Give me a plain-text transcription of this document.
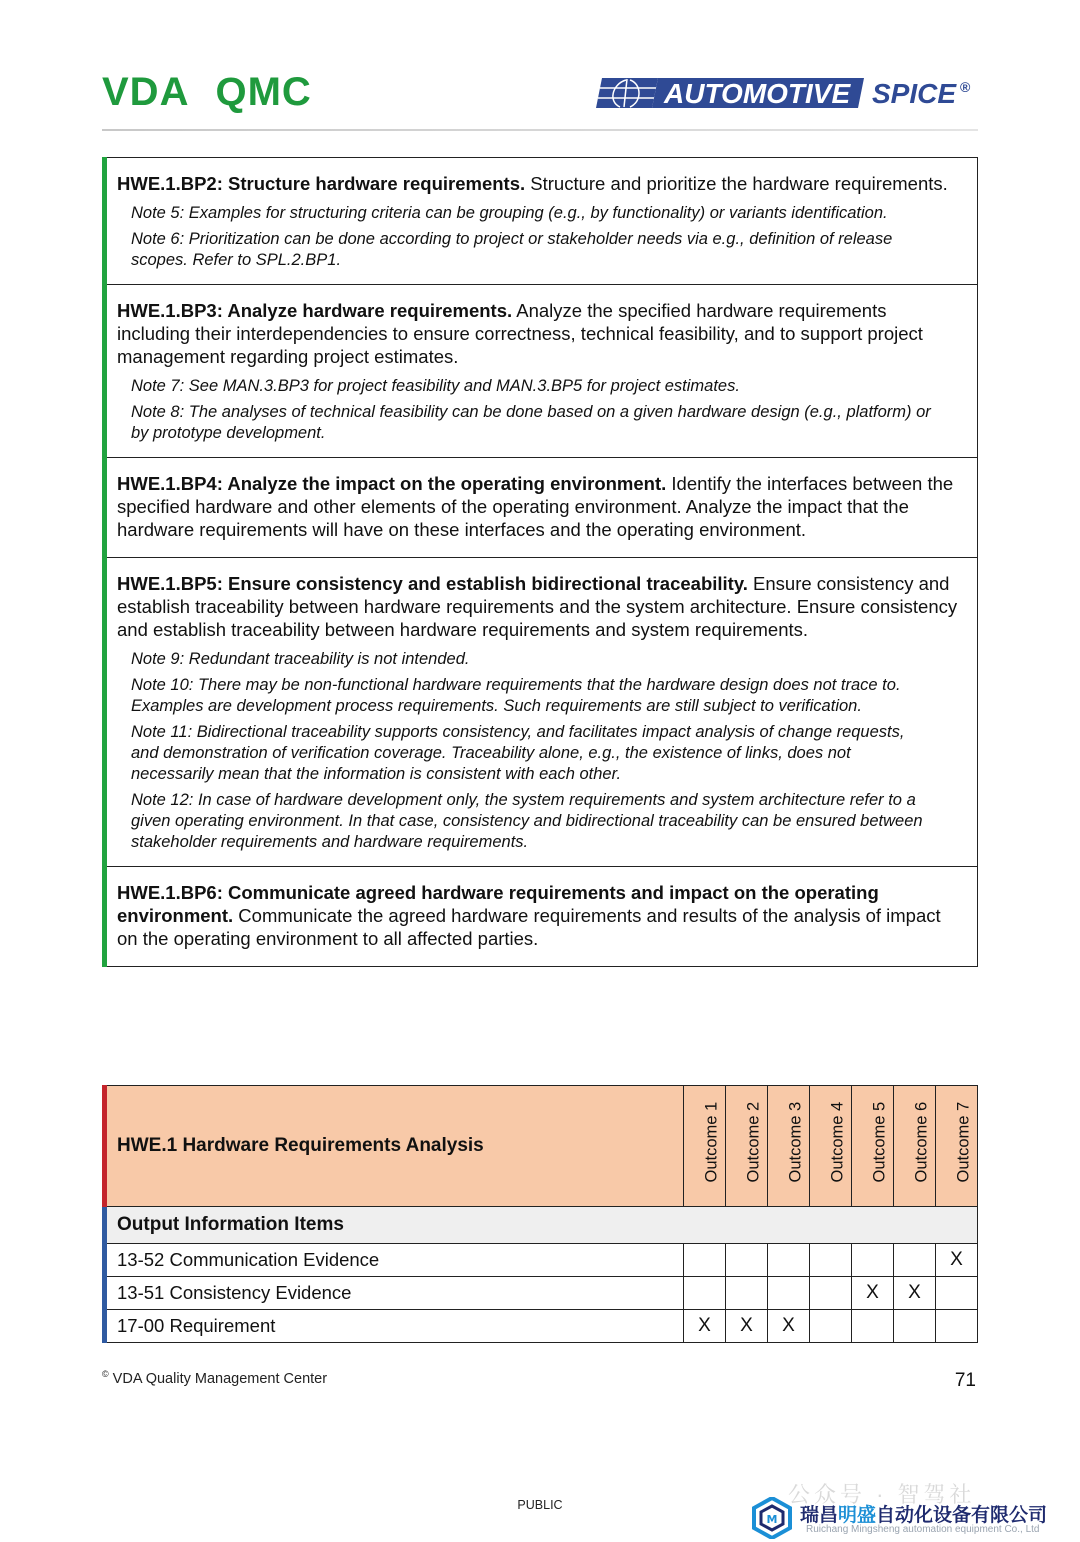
VDA QMC	AUTOMOTIVE SPICE ®

HWE.1.BP2: Structure hardware requirements. Structure and prioritize the hardware requirements.

Note 5: Examples for structuring criteria can be grouping (e.g., by functionality) or variants identification.

Note 6: Prioritization can be done according to project or stakeholder needs via e.g., definition of release scopes. Refer to SPL.2.BP1.

HWE.1.BP3: Analyze hardware requirements. Analyze the specified hardware requirements including their interdependencies to ensure correctness, technical feasibility, and to support project management regarding project estimates.

Note 7: See MAN.3.BP3 for project feasibility and MAN.3.BP5 for project estimates.

Note 8: The analyses of technical feasibility can be done based on a given hardware design (e.g., platform) or by prototype development.

HWE.1.BP4: Analyze the impact on the operating environment. Identify the interfaces between the specified hardware and other elements of the operating environment. Analyze the impact that the hardware requirements will have on these interfaces and the operating environment.

HWE.1.BP5: Ensure consistency and establish bidirectional traceability. Ensure consistency and establish traceability between hardware requirements and the system architecture. Ensure consistency and establish traceability between hardware requirements and system requirements.

Note 9: Redundant traceability is not intended.

Note 10: There may be non-functional hardware requirements that the hardware design does not trace to. Examples are development process requirements. Such requirements are still subject to verification.

Note 11: Bidirectional traceability supports consistency, and facilitates impact analysis of change requests, and demonstration of verification coverage. Traceability alone, e.g., the existence of links, does not necessarily mean that the information is consistent with each other.

Note 12: In case of hardware development only, the system requirements and system architecture refer to a given operating environment. In that case, consistency and bidirectional traceability can be ensured between stakeholder requirements and hardware requirements.

HWE.1.BP6: Communicate agreed hardware requirements and impact on the operating environment. Communicate the agreed hardware requirements and results of the analysis of impact on the operating environment to all affected parties.

HWE.1 Hardware Requirements Analysis	Outcome 1	Outcome 2	Outcome 3	Outcome 4	Outcome 5	Outcome 6	Outcome 7

Output Information Items							
13-52 Communication Evidence							X
13-51 Consistency Evidence					X	X	
17-00 Requirement	X	X	X				
© VDA Quality Management Center	71
PUBLIC	公众号 · 智驾社
M 瑞昌明盛自动化设备有限公司
Ruichang Mingsheng automation equipment Co., Ltd
